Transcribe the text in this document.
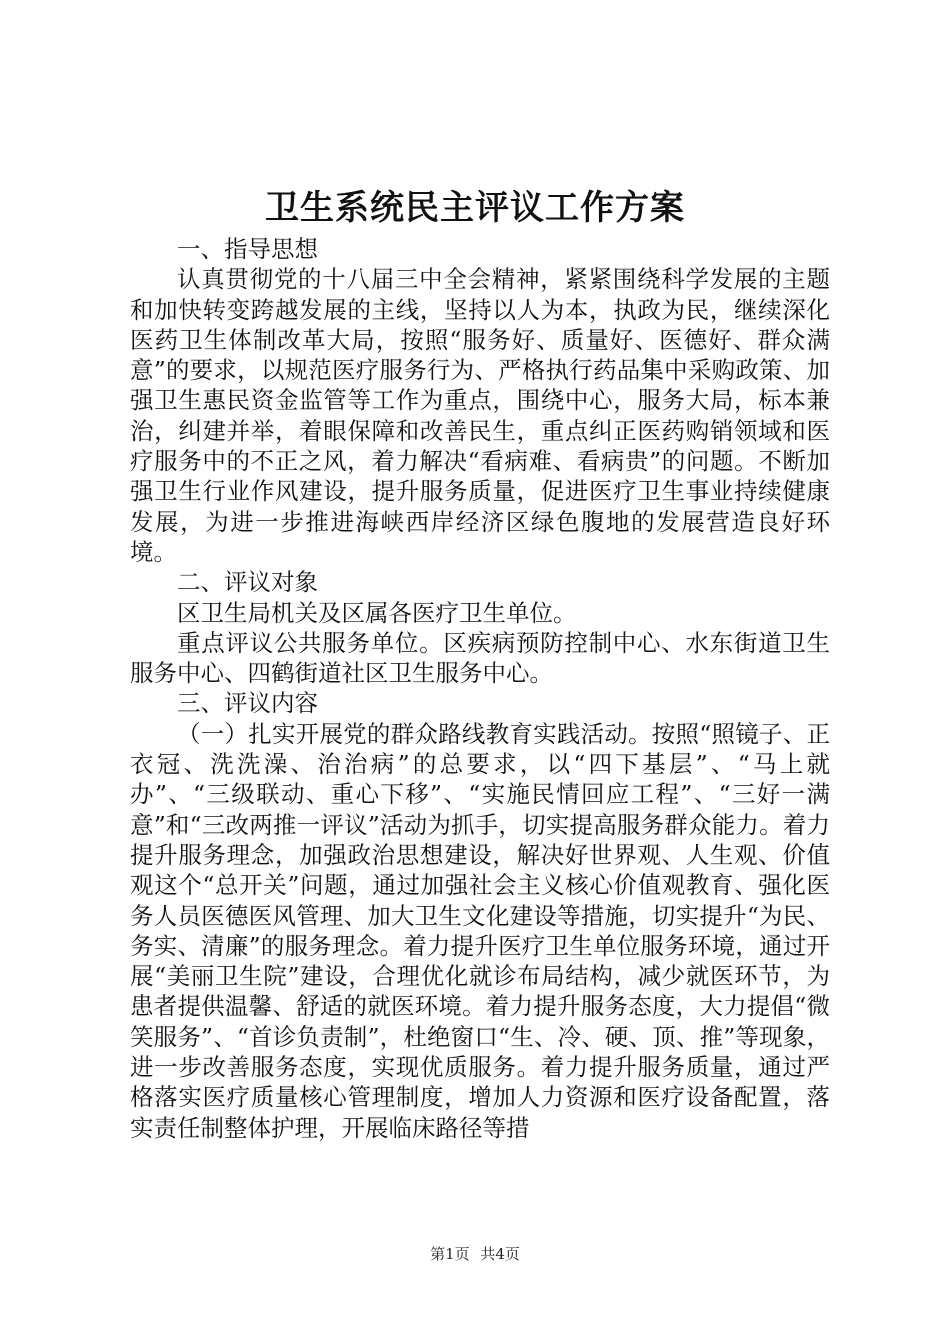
卫生系统民主评议工作方案

一、指导思想

认真贯彻党的十八届三中全会精神，紧紧围绕科学发展的主题和加快转变跨越发展的主线，坚持以人为本，执政为民，继续深化医药卫生体制改革大局，按照“服务好、质量好、医德好、群众满意”的要求，以规范医疗服务行为、严格执行药品集中采购政策、加强卫生惠民资金监管等工作为重点，围绕中心，服务大局，标本兼治，纠建并举，着眼保障和改善民生，重点纠正医药购销领域和医疗服务中的不正之风，着力解决“看病难、看病贵”的问题。不断加强卫生行业作风建设，提升服务质量，促进医疗卫生事业持续健康发展，为进一步推进海峡西岸经济区绿色腹地的发展营造良好环境。

二、评议对象

区卫生局机关及区属各医疗卫生单位。

重点评议公共服务单位。区疾病预防控制中心、水东街道卫生服务中心、四鹤街道社区卫生服务中心。

三、评议内容

（一）扎实开展党的群众路线教育实践活动。按照“照镜子、正衣冠、洗洗澡、治治病”的总要求，以“四下基层”、“马上就办”、“三级联动、重心下移”、“实施民情回应工程”、“三好一满意”和“三改两推一评议”活动为抓手，切实提高服务群众能力。着力提升服务理念，加强政治思想建设，解决好世界观、人生观、价值观这个“总开关”问题，通过加强社会主义核心价值观教育、强化医务人员医德医风管理、加大卫生文化建设等措施，切实提升“为民、务实、清廉”的服务理念。着力提升医疗卫生单位服务环境，通过开展“美丽卫生院”建设，合理优化就诊布局结构，减少就医环节，为患者提供温馨、舒适的就医环境。着力提升服务态度，大力提倡“微笑服务”、“首诊负责制”，杜绝窗口“生、冷、硬、顶、推”等现象，进一步改善服务态度，实现优质服务。着力提升服务质量，通过严格落实医疗质量核心管理制度，增加人力资源和医疗设备配置，落实责任制整体护理，开展临床路径等措

第1页 共4页
